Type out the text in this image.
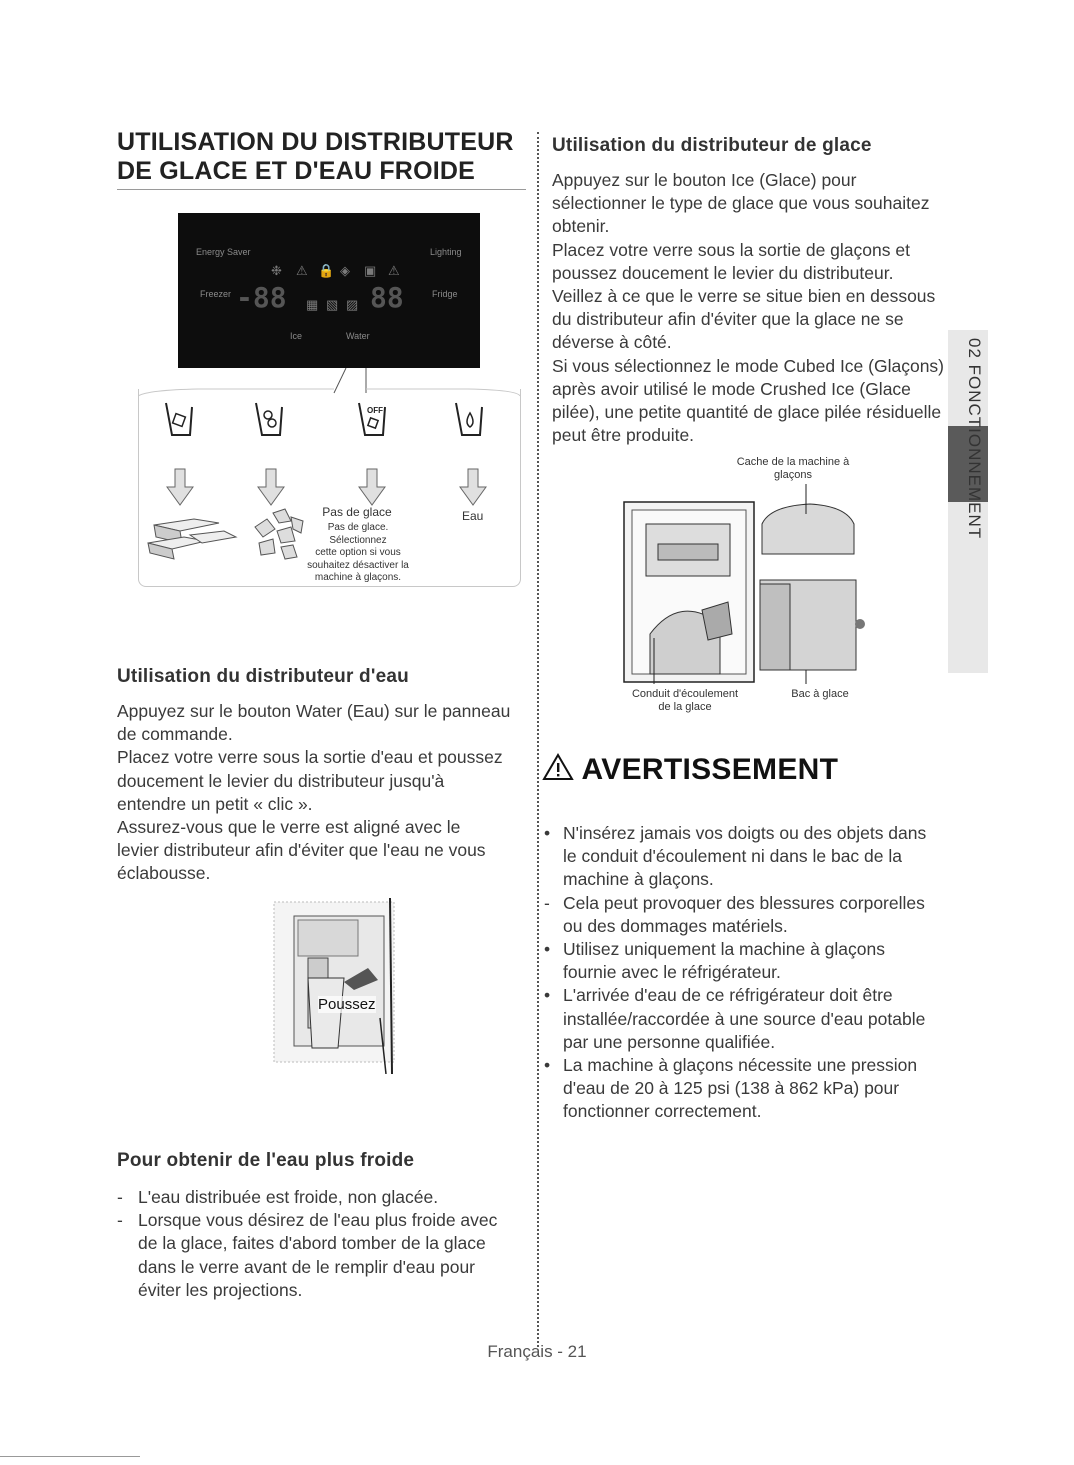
UTILISATION DU DISTRIBUTEUR
DE GLACE ET D'EAU FROIDE
Energy Saver	Lighting
Freezer	Fridge
-88	88
❉ ⚠ 🔒 ◈ ▣ ⚠
▦ ▧ ▨
Ice	Water
OFF
Pas de glace
Pas de glace. Sélectionnez
cette option si vous
souhaitez désactiver la
machine à glaçons.
Eau
Utilisation du distributeur d'eau

Appuyez sur le bouton Water (Eau) sur le panneau

de commande.

Placez votre verre sous la sortie d'eau et poussez

doucement le levier du distributeur jusqu'à

entendre un petit « clic ».

Assurez-vous que le verre est aligné avec le

levier distributeur afin d'éviter que l'eau ne vous

éclabousse.

Poussez
Pour obtenir de l'eau plus froide
- L'eau distribuée est froide, non glacée.
- Lorsque vous désirez de l'eau plus froide avec
de la glace, faites d'abord tomber de la glace
dans le verre avant de le remplir d'eau pour
éviter les projections.
Utilisation du distributeur de glace

Appuyez sur le bouton Ice (Glace) pour

sélectionner le type de glace que vous souhaitez

obtenir.

Placez votre verre sous la sortie de glaçons et

poussez doucement le levier du distributeur.

Veillez à ce que le verre se situe bien en dessous

du distributeur afin d'éviter que la glace ne se

déverse à côté.

Si vous sélectionnez le mode Cubed Ice (Glaçons)

après avoir utilisé le mode Crushed Ice (Glace

pilée), une petite quantité de glace pilée résiduelle

peut être produite.

Cache de la machine à
glaçons
Conduit d'écoulement
de la glace
Bac à glace
AVERTISSEMENT
• N'insérez jamais vos doigts ou des objets dans
le conduit d'écoulement ni dans le bac de la
machine à glaçons.
- Cela peut provoquer des blessures corporelles
ou des dommages matériels.
• Utilisez uniquement la machine à glaçons
fournie avec le réfrigérateur.
• L'arrivée d'eau de ce réfrigérateur doit être
installée/raccordée à une source d'eau potable
par une personne qualifiée.
• La machine à glaçons nécessite une pression
d'eau de 20 à 125 psi (138 à 862 kPa) pour
fonctionner correctement.
02 FONCTIONNEMENT
Français - 21
